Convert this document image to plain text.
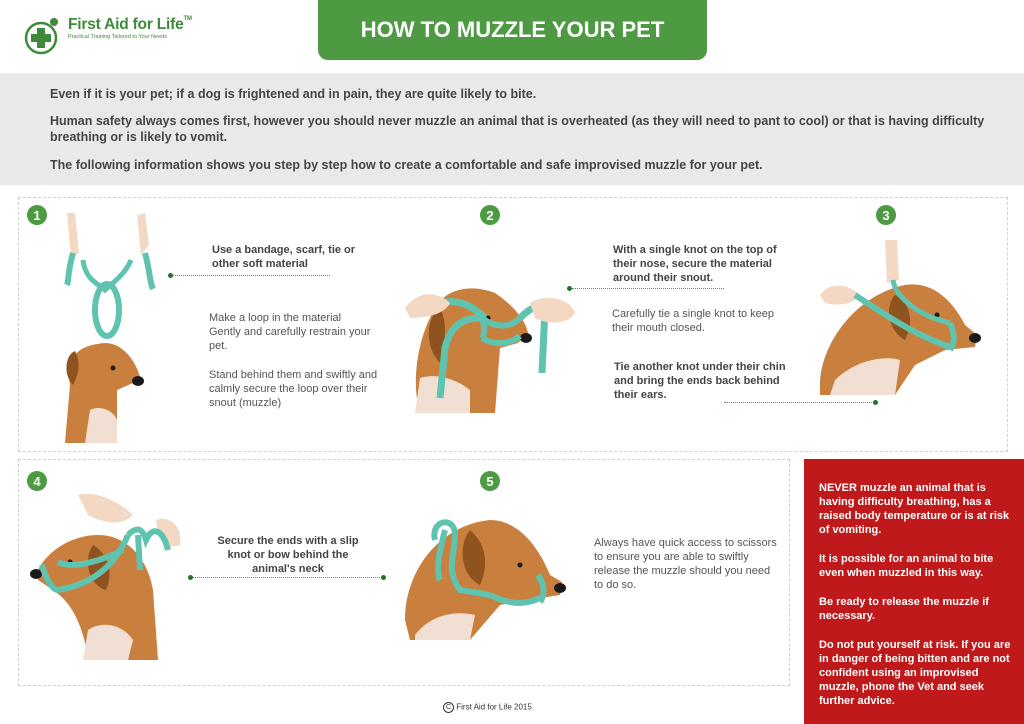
First Aid for Life™
Practical Training Tailored to Your Needs	HOW TO MUZZLE YOUR PET

Even if it is your pet; if a dog is frightened and in pain, they are quite likely to bite.

Human safety always comes first, however you should never muzzle an animal that is overheated (as they will need to pant to cool) or that is having difficulty breathing or is likely to vomit.

The following information shows you step by step how to create a comfortable and safe improvised muzzle for your pet.

1
Use a bandage, scarf, tie or other soft material
Make a loop in the material Gently and carefully restrain your pet.
Stand behind them and swiftly and calmly secure the loop over their snout (muzzle)
2
With a single knot on the top of their nose, secure the material around their snout.
Carefully tie a single knot to keep their mouth closed.
Tie another knot under their chin and bring the ends back behind their ears.
3
4
Secure the ends with a slip knot or bow behind the animal's neck
5
Always have quick access to scissors to ensure you are able to swiftly release the muzzle should you need to do so.

NEVER muzzle an animal that is having difficulty breathing, has a raised body temperature or is at risk of vomiting.

It is possible for an animal to bite even when muzzled in this way.

Be ready to release the muzzle if necessary.

Do not put yourself at risk. If you are in danger of being bitten and are not confident using an improvised muzzle, phone the Vet and seek further advice.

C First Aid for Life 2015
